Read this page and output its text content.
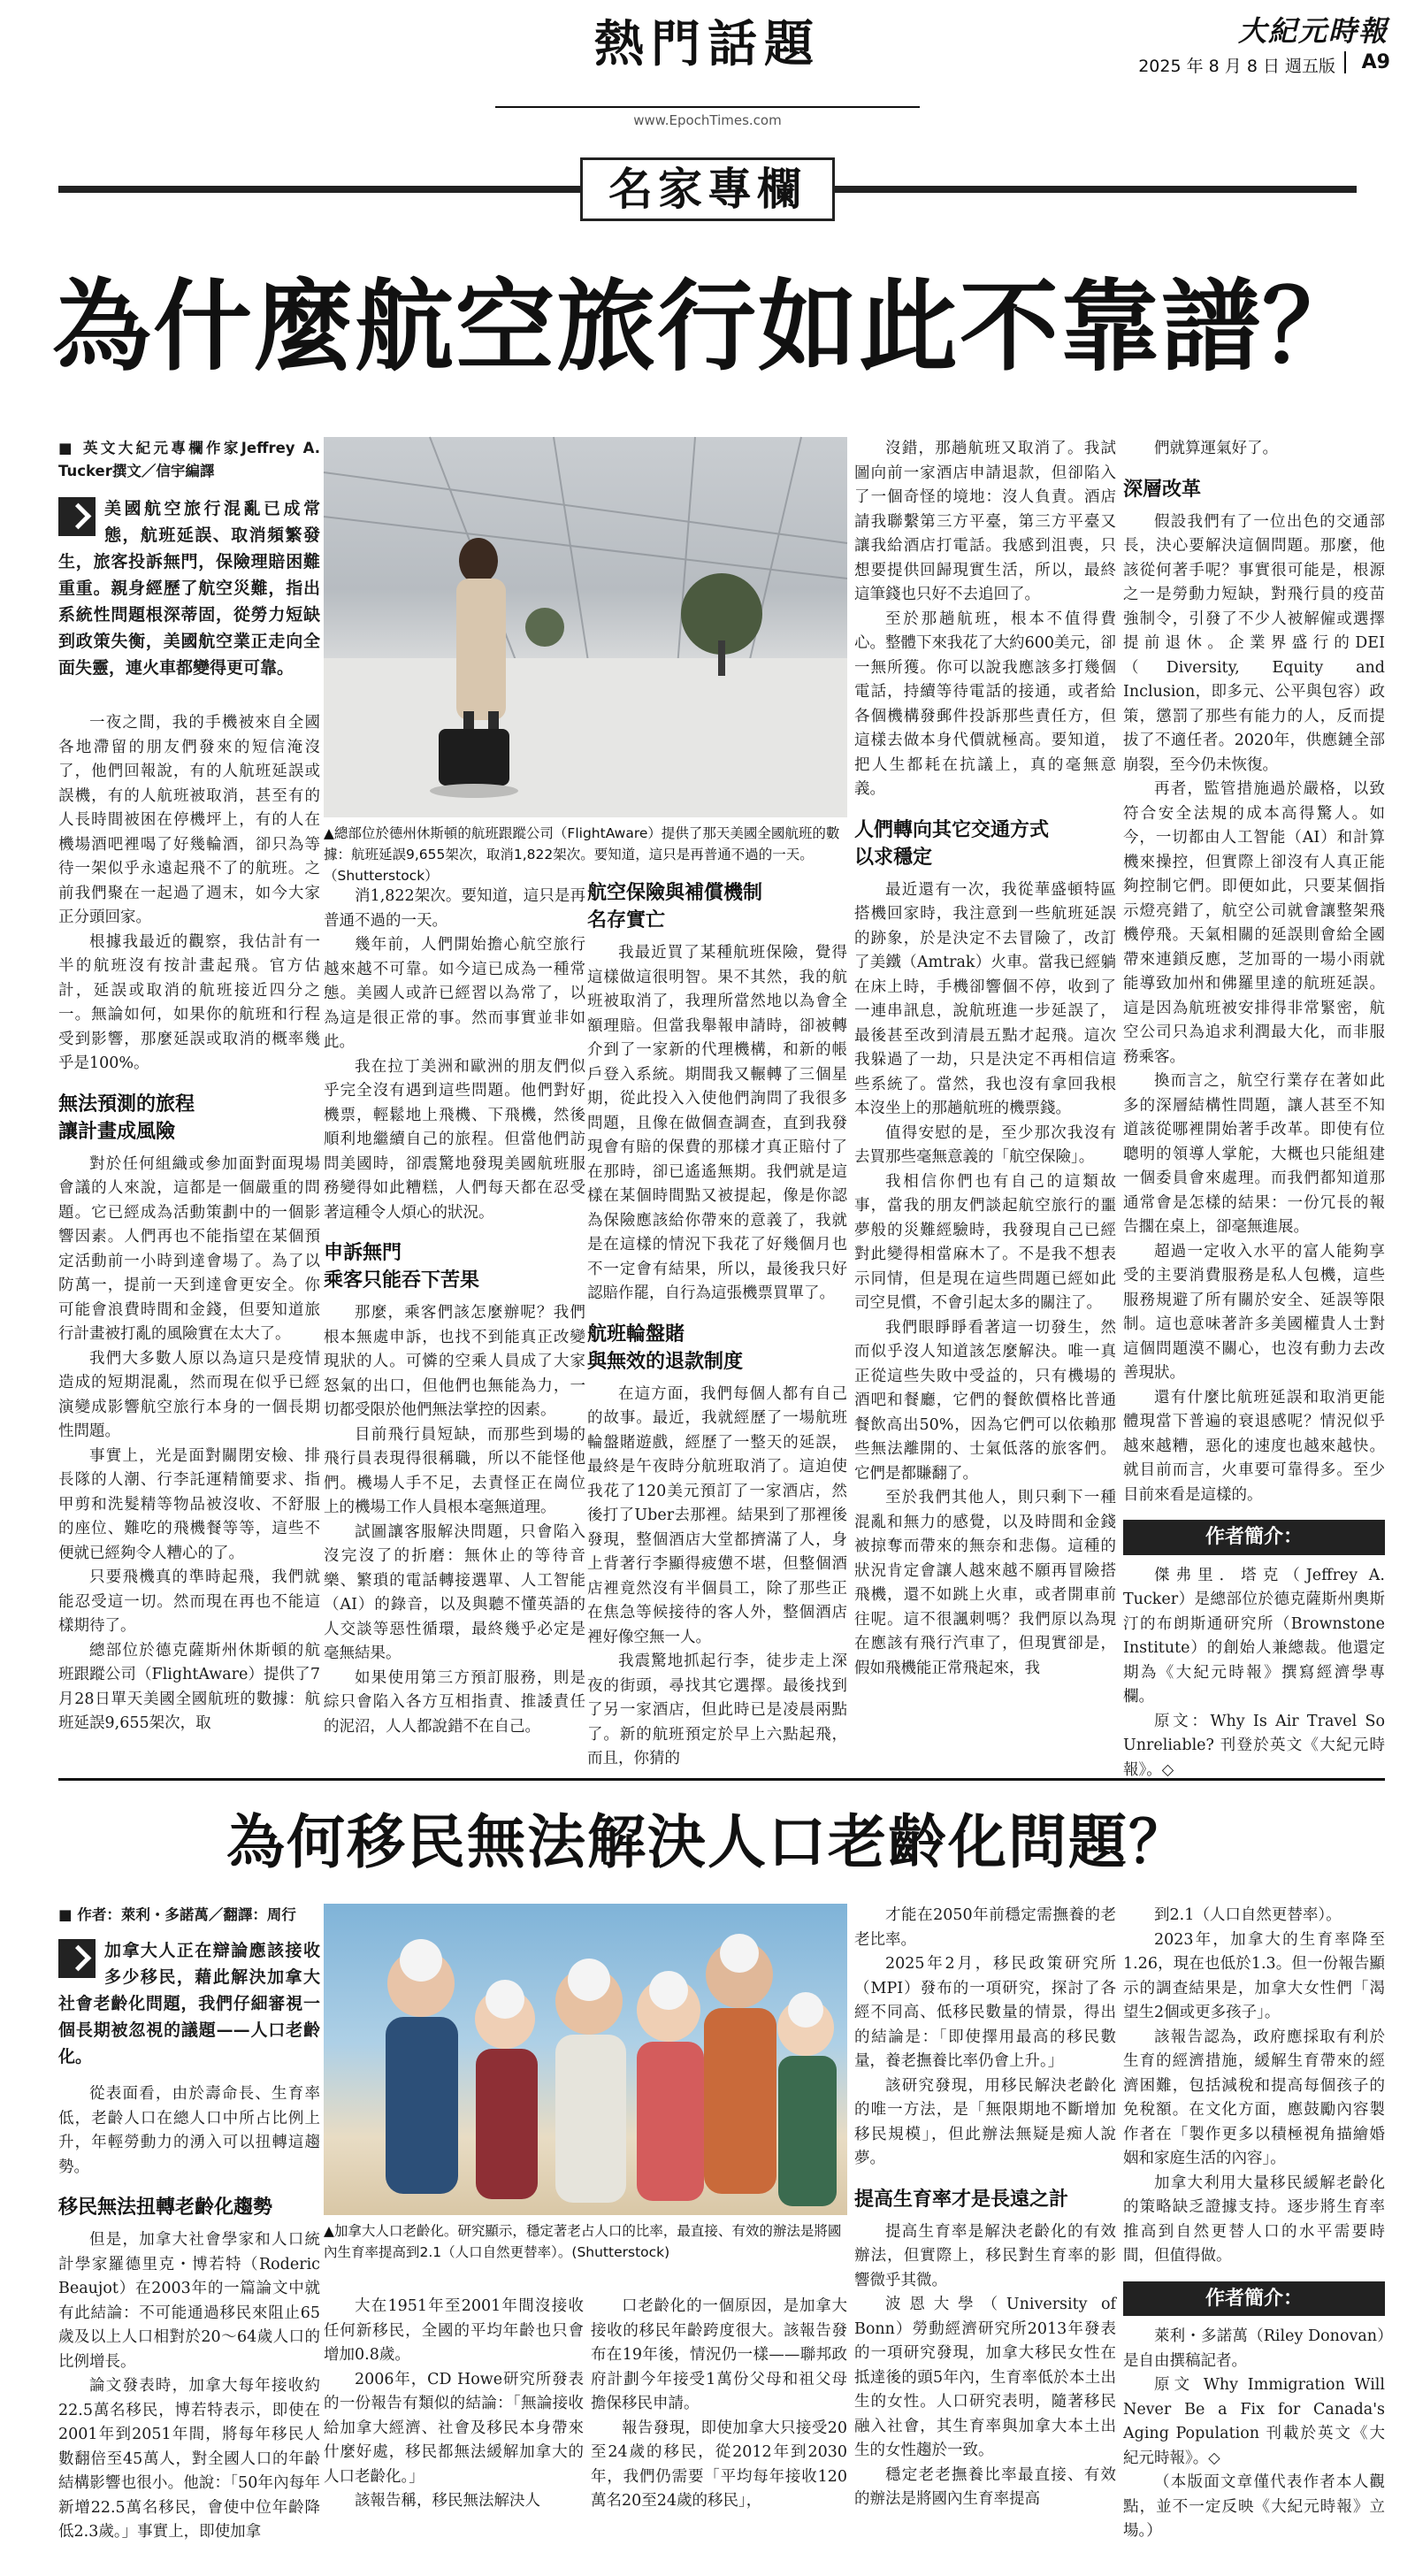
熱門話題
www.EpochTimes.com
大紀元時報
2025 年 8 月 8 日 週五版	A9
名家專欄
為什麼航空旅行如此不靠譜？
■ 英文大紀元專欄作家Jeffrey A. Tucker撰文／信宇編譯
美國航空旅行混亂已成常態，航班延誤、取消頻繁發生，旅客投訴無門，保險理賠困難重重。親身經歷了航空災難，指出系統性問題根深蒂固，從勞力短缺到政策失衡，美國航空業正走向全面失靈，連火車都變得更可靠。

一夜之間，我的手機被來自全國各地滯留的朋友們發來的短信淹沒了，他們回報說，有的人航班延誤或誤機，有的人航班被取消，甚至有的人長時間被困在停機坪上，有的人在機場酒吧裡喝了好幾輪酒，卻只為等待一架似乎永遠起飛不了的航班。之前我們聚在一起過了週末，如今大家正分頭回家。

根據我最近的觀察，我估計有一半的航班沒有按計畫起飛。官方估計，延誤或取消的航班接近四分之一。無論如何，如果你的航班和行程受到影響，那麼延誤或取消的概率幾乎是100%。

無法預測的旅程
讓計畫成風險

對於任何組織或參加面對面現場會議的人來說，這都是一個嚴重的問題。它已經成為活動策劃中的一個影響因素。人們再也不能指望在某個預定活動前一小時到達會場了。為了以防萬一，提前一天到達會更安全。你可能會浪費時間和金錢，但要知道旅行計畫被打亂的風險實在太大了。

我們大多數人原以為這只是疫情造成的短期混亂，然而現在似乎已經演變成影響航空旅行本身的一個長期性問題。

事實上，光是面對關閉安檢、排長隊的人潮、行李託運精簡要求、指甲剪和洗髮精等物品被沒收、不舒服的座位、難吃的飛機餐等等，這些不便就已經夠令人糟心的了。

只要飛機真的準時起飛，我們就能忍受這一切。然而現在再也不能這樣期待了。

總部位於德克薩斯州休斯頓的航班跟蹤公司（FlightAware）提供了7月28日單天美國全國航班的數據：航班延誤9,655架次，取

▲總部位於德州休斯頓的航班跟蹤公司（FlightAware）提供了那天美國全國航班的數據：航班延誤9,655架次，取消1,822架次。要知道，這只是再普通不過的一天。（Shutterstock）

消1,822架次。要知道，這只是再普通不過的一天。

幾年前，人們開始擔心航空旅行越來越不可靠。如今這已成為一種常態。美國人或許已經習以為常了，以為這是很正常的事。然而事實並非如此。

我在拉丁美洲和歐洲的朋友們似乎完全沒有遇到這些問題。他們對好機票，輕鬆地上飛機、下飛機，然後順利地繼續自己的旅程。但當他們訪問美國時，卻震驚地發現美國航班服務變得如此糟糕，人們每天都在忍受著這種令人煩心的狀況。

申訴無門
乘客只能吞下苦果

那麼，乘客們該怎麼辦呢？我們根本無處申訴，也找不到能真正改變現狀的人。可憐的空乘人員成了大家怒氣的出口，但他們也無能為力，一切都受限於他們無法掌控的因素。

目前飛行員短缺，而那些到場的飛行員表現得很稱職，所以不能怪他們。機場人手不足，去責怪正在崗位上的機場工作人員根本毫無道理。

試圖讓客服解決問題，只會陷入沒完沒了的折磨：無休止的等待音樂、繁瑣的電話轉接選單、人工智能（AI）的錄音，以及與聽不懂英語的人交談等惡性循環，最終幾乎必定是毫無結果。

如果使用第三方預訂服務，則是綜只會陷入各方互相指責、推諉責任的泥沼，人人都說錯不在自己。

航空保險與補償機制
名存實亡

我最近買了某種航班保險，覺得這樣做這很明智。果不其然，我的航班被取消了，我理所當然地以為會全額理賠。但當我舉報申請時，卻被轉介到了一家新的代理機構，和新的帳戶登入系統。期間我又輾轉了三個星期，從此投入入使他們詢問了我很多問題，且像在做個查調查，直到我發現會有賠的保費的那樣才真正賠付了在那時，卻已遙遙無期。我們就是這樣在某個時間點又被提起，像是你認為保險應該給你帶來的意義了，我就是在這樣的情況下我花了好幾個月也不一定會有結果，所以，最後我只好認賠作罷，自行為這張機票買單了。

航班輪盤賭
與無效的退款制度

在這方面，我們每個人都有自己的故事。最近，我就經歷了一場航班輪盤賭遊戲，經歷了一整天的延誤，最終是午夜時分航班取消了。這迫使我花了120美元預訂了一家酒店，然後打了Uber去那裡。結果到了那裡後發現，整個酒店大堂都擠滿了人，身上背著行李顯得疲憊不堪，但整個酒店裡竟然沒有半個員工，除了那些正在焦急等候接待的客人外，整個酒店裡好像空無一人。

我震驚地抓起行李，徒步走上深夜的街頭，尋找其它選擇。最後找到了另一家酒店，但此時已是凌晨兩點了。新的航班預定於早上六點起飛，而且，你猜的

沒錯，那趟航班又取消了。我試圖向前一家酒店申請退款，但卻陷入了一個奇怪的境地：沒人負責。酒店請我聯繫第三方平臺，第三方平臺又讓我給酒店打電話。我感到沮喪，只想要提供回歸現實生活，所以，最終這筆錢也只好不去追回了。

至於那趟航班，根本不值得費心。整體下來我花了大約600美元，卻一無所獲。你可以說我應該多打幾個電話，持續等待電話的接通，或者給各個機構發郵件投訴那些責任方，但這樣去做本身代價就極高。要知道，把人生都耗在抗議上，真的毫無意義。

人們轉向其它交通方式
以求穩定

最近還有一次，我從華盛頓特區搭機回家時，我注意到一些航班延誤的跡象，於是決定不去冒險了，改訂了美鐵（Amtrak）火車。當我已經躺在床上時，手機卻響個不停，收到了一連串訊息，說航班進一步延誤了，最後甚至改到清晨五點才起飛。這次我躲過了一劫，只是決定不再相信這些系統了。當然，我也沒有拿回我根本沒坐上的那趟航班的機票錢。

值得安慰的是，至少那次我沒有去買那些毫無意義的「航空保險」。

我相信你們也有自己的這類故事，當我的朋友們談起航空旅行的噩夢般的災難經驗時，我發現自己已經對此變得相當麻木了。不是我不想表示同情，但是現在這些問題已經如此司空見慣，不會引起太多的關注了。

我們眼睜睜看著這一切發生，然而似乎沒人知道該怎麼解決。唯一真正從這些失敗中受益的，只有機場的酒吧和餐廳，它們的餐飲價格比普通餐飲高出50%，因為它們可以依賴那些無法離開的、士氣低落的旅客們。它們是都賺翻了。

至於我們其他人，則只剩下一種混亂和無力的感覺，以及時間和金錢被掠奪而帶來的無奈和悲傷。這種的狀況肯定會讓人越來越不願再冒險搭飛機，還不如跳上火車，或者開車前往呢。這不很諷刺嗎？我們原以為現在應該有飛行汽車了，但現實卻是，假如飛機能正常飛起來，我

們就算運氣好了。

深層改革

假設我們有了一位出色的交通部長，決心要解決這個問題。那麼，他該從何著手呢？事實很可能是，根源之一是勞動力短缺，對飛行員的疫苗強制令，引發了不少人被解僱或選擇提前退休。企業界盛行的DEI（Diversity, Equity and Inclusion，即多元、公平與包容）政策，懲罰了那些有能力的人，反而提拔了不適任者。2020年，供應鏈全部崩裂，至今仍未恢復。

再者，監管措施過於嚴格，以致符合安全法規的成本高得驚人。如今，一切都由人工智能（AI）和計算機來操控，但實際上卻沒有人真正能夠控制它們。即便如此，只要某個指示燈亮錯了，航空公司就會讓整架飛機停飛。天氣相關的延誤則會給全國帶來連鎖反應，芝加哥的一場小雨就能導致加州和佛羅里達的航班延誤。這是因為航班被安排得非常緊密，航空公司只為追求利潤最大化，而非服務乘客。

換而言之，航空行業存在著如此多的深層結構性問題，讓人甚至不知道該從哪裡開始著手改革。即使有位聰明的領導人掌舵，大概也只能組建一個委員會來處理。而我們都知道那通常會是怎樣的結果：一份冗長的報告擱在桌上，卻毫無進展。

超過一定收入水平的富人能夠享受的主要消費服務是私人包機，這些服務規避了所有關於安全、延誤等限制。這也意味著許多美國權貴人士對這個問題漠不關心，也沒有動力去改善現狀。

還有什麼比航班延誤和取消更能體現當下普遍的衰退感呢？情況似乎越來越糟，惡化的速度也越來越快。就目前而言，火車要可靠得多。至少目前來看是這樣的。

作者簡介：

傑弗里．塔克（Jeffrey A. Tucker）是總部位於德克薩斯州奧斯汀的布朗斯通研究所（Brownstone Institute）的創始人兼總裁。他還定期為《大紀元時報》撰寫經濟學專欄。

原文：Why Is Air Travel So Unreliable? 刊登於英文《大紀元時報》。◇

為何移民無法解決人口老齡化問題？
■ 作者：萊利・多諾萬／翻譯：周行
加拿大人正在辯論應該接收多少移民，藉此解決加拿大社會老齡化問題，我們仔細審視一個長期被忽視的議題——人口老齡化。

從表面看，由於壽命長、生育率低，老齡人口在總人口中所占比例上升，年輕勞動力的湧入可以扭轉這趨勢。

移民無法扭轉老齡化趨勢

但是，加拿大社會學家和人口統計學家羅德里克・博若特（Roderic Beaujot）在2003年的一篇論文中就有此結論：不可能通過移民來阻止65歲及以上人口相對於20～64歲人口的比例增長。

論文發表時，加拿大每年接收約22.5萬名移民，博若特表示，即使在2001年到2051年間，將每年移民人數翻倍至45萬人，對全國人口的年齡結構影響也很小。他說：「50年內每年新增22.5萬名移民，會使中位年齡降低2.3歲。」事實上，即使加拿

▲加拿大人口老齡化。研究顯示，穩定著老占人口的比率，最直接、有效的辦法是將國內生育率提高到2.1（人口自然更替率）。(Shutterstock)

大在1951年至2001年間沒接收任何新移民，全國的平均年齡也只會增加0.8歲。

2006年，CD Howe研究所發表的一份報告有類似的結論：「無論接收給加拿大經濟、社會及移民本身帶來什麼好處，移民都無法緩解加拿大的人口老齡化。」

該報告稱，移民無法解決人

口老齡化的一個原因，是加拿大接收的移民年齡跨度很大。該報告發布在19年後，情況仍一樣——聯邦政府計劃今年接受1萬份父母和祖父母擔保移民申請。

報告發現，即使加拿大只接受20至24歲的移民，從2012年到2030年，我們仍需要「平均每年接收120萬名20至24歲的移民」，

才能在2050年前穩定需撫養的老老比率。

2025年2月，移民政策研究所（MPI）發布的一項研究，探討了各經不同高、低移民數量的情景，得出的結論是：「即使擇用最高的移民數量，養老撫養比率仍會上升。」

該研究發現，用移民解決老齡化的唯一方法，是「無限期地不斷增加移民規模」，但此辦法無疑是痴人說夢。

提高生育率才是長遠之計

提高生育率是解決老齡化的有效辦法，但實際上，移民對生育率的影響微乎其微。

波恩大學（University of Bonn）勞動經濟研究所2013年發表的一項研究發現，加拿大移民女性在抵達後的頭5年內，生育率低於本土出生的女性。人口研究表明，隨著移民融入社會，其生育率與加拿大本土出生的女性趨於一致。

穩定老老撫養比率最直接、有效的辦法是將國內生育率提高

到2.1（人口自然更替率）。

2023年，加拿大的生育率降至1.26，現在也低於1.3。但一份報告顯示的調查結果是，加拿大女性們「渴望生2個或更多孩子」。

該報告認為，政府應採取有利於生育的經濟措施，緩解生育帶來的經濟困難，包括減稅和提高每個孩子的免稅額。在文化方面，應鼓勵內容製作者在「製作更多以積極視角描繪婚姻和家庭生活的內容」。

加拿大利用大量移民緩解老齡化的策略缺乏證據支持。逐步將生育率推高到自然更替人口的水平需要時間，但值得做。

作者簡介：

萊利・多諾萬（Riley Donovan）是自由撰稿記者。

原文 Why Immigration Will Never Be a Fix for Canada's Aging Population 刊載於英文《大紀元時報》。◇

（本版面文章僅代表作者本人觀點，並不一定反映《大紀元時報》立場。）
